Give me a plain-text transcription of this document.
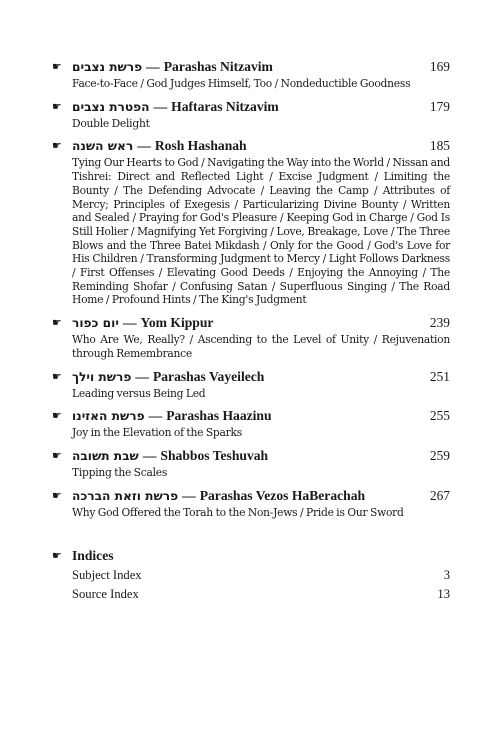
☛ פרשת נצבים — Parashas Nitzavim	169
Face-to-Face / God Judges Himself, Too / Nondeductible Goodness
☛ הפטרת נצבים — Haftaras Nitzavim	179
Double Delight
☛ ראש השנה — Rosh Hashanah	185
Tying Our Hearts to God / Navigating the Way into the World / Nissan and Tishrei: Direct and Reflected Light / Excise Judgment / Limiting the Bounty / The Defending Advocate / Leaving the Camp / Attributes of Mercy; Principles of Exegesis / Particularizing Divine Bounty / Written and Sealed / Praying for God's Pleasure / Keeping God in Charge / God Is Still Holier / Magnifying Yet Forgiving / Love, Breakage, Love / The Three Blows and the Three Batei Mikdash / Only for the Good / God's Love for His Children / Transforming Judgment to Mercy / Light Follows Darkness / First Offenses / Elevating Good Deeds / Enjoying the Annoying / The Reminding Shofar / Confusing Satan / Superfluous Singing / The Road Home / Profound Hints / The King's Judgment
☛ יום כפור — Yom Kippur	239
Who Are We, Really? / Ascending to the Level of Unity / Rejuvenation through Remembrance
☛ פרשת וילך — Parashas Vayeilech	251
Leading versus Being Led
☛ פרשת האזינו — Parashas Haazinu	255
Joy in the Elevation of the Sparks
☛ שבת תשובה — Shabbos Teshuvah	259
Tipping the Scales
☛ פרשת וזאת הברכה — Parashas Vezos HaBerachah	267
Why God Offered the Torah to the Non-Jews / Pride is Our Sword
☛ Indices
Subject Index	3
Source Index	13
